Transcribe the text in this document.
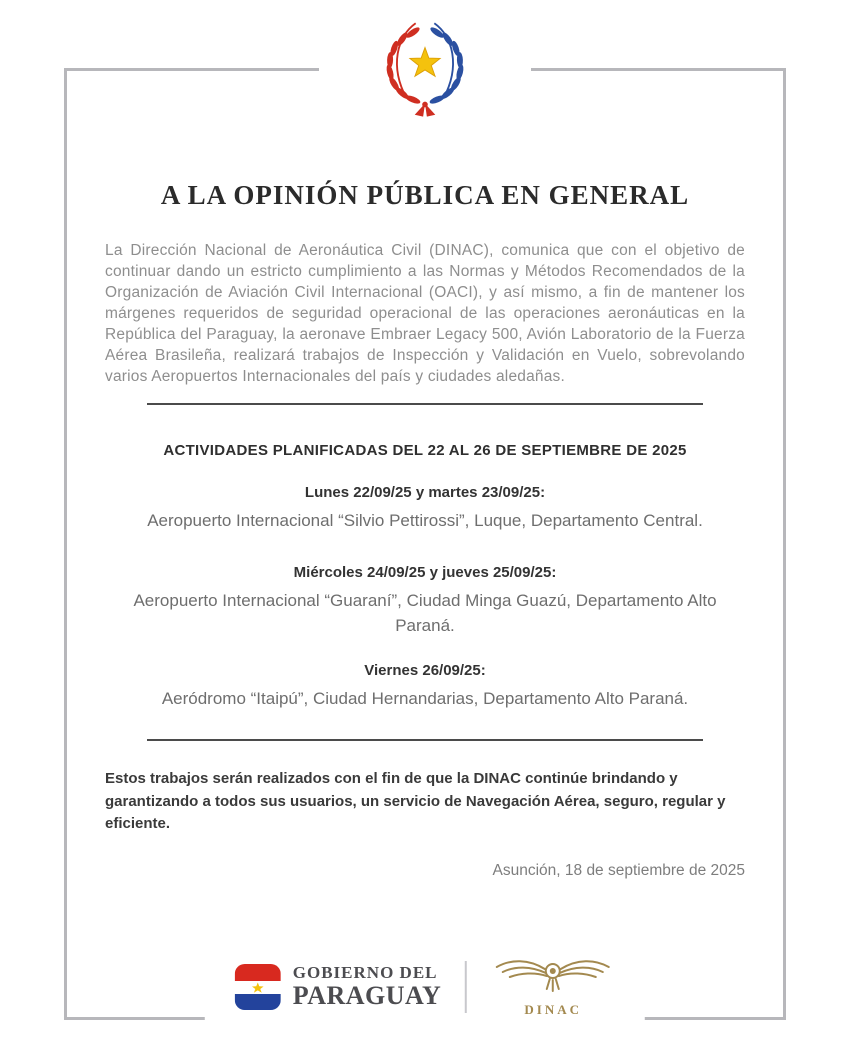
A LA OPINIÓN PÚBLICA EN GENERAL

La Dirección Nacional de Aeronáutica Civil (DINAC), comunica que con el objetivo de continuar dando un estricto cumplimiento a las Normas y Métodos Recomendados de la Organización de Aviación Civil Internacional (OACI), y así mismo, a fin de mantener los márgenes requeridos de seguridad operacional de las operaciones aeronáuticas en la República del Paraguay, la aeronave Embraer Legacy 500, Avión Laboratorio de la Fuerza Aérea Brasileña, realizará trabajos de Inspección y Validación en Vuelo, sobrevolando varios Aeropuertos Internacionales del país y ciudades aledañas.

ACTIVIDADES PLANIFICADAS DEL 22 AL 26 DE SEPTIEMBRE DE 2025
Lunes 22/09/25 y martes 23/09/25:

Aeropuerto Internacional “Silvio Pettirossi”, Luque, Departamento Central.

Miércoles 24/09/25 y jueves 25/09/25:

Aeropuerto Internacional “Guaraní”, Ciudad Minga Guazú, Departamento Alto Paraná.

Viernes 26/09/25:

Aeródromo “Itaipú”, Ciudad Hernandarias, Departamento Alto Paraná.

Estos trabajos serán realizados con el fin de que la DINAC continúe brindando y garantizando a todos sus usuarios, un servicio de Navegación Aérea, seguro, regular y eficiente.

Asunción, 18 de septiembre de 2025

GOBIERNO DEL
PARAGUAY	DINAC
